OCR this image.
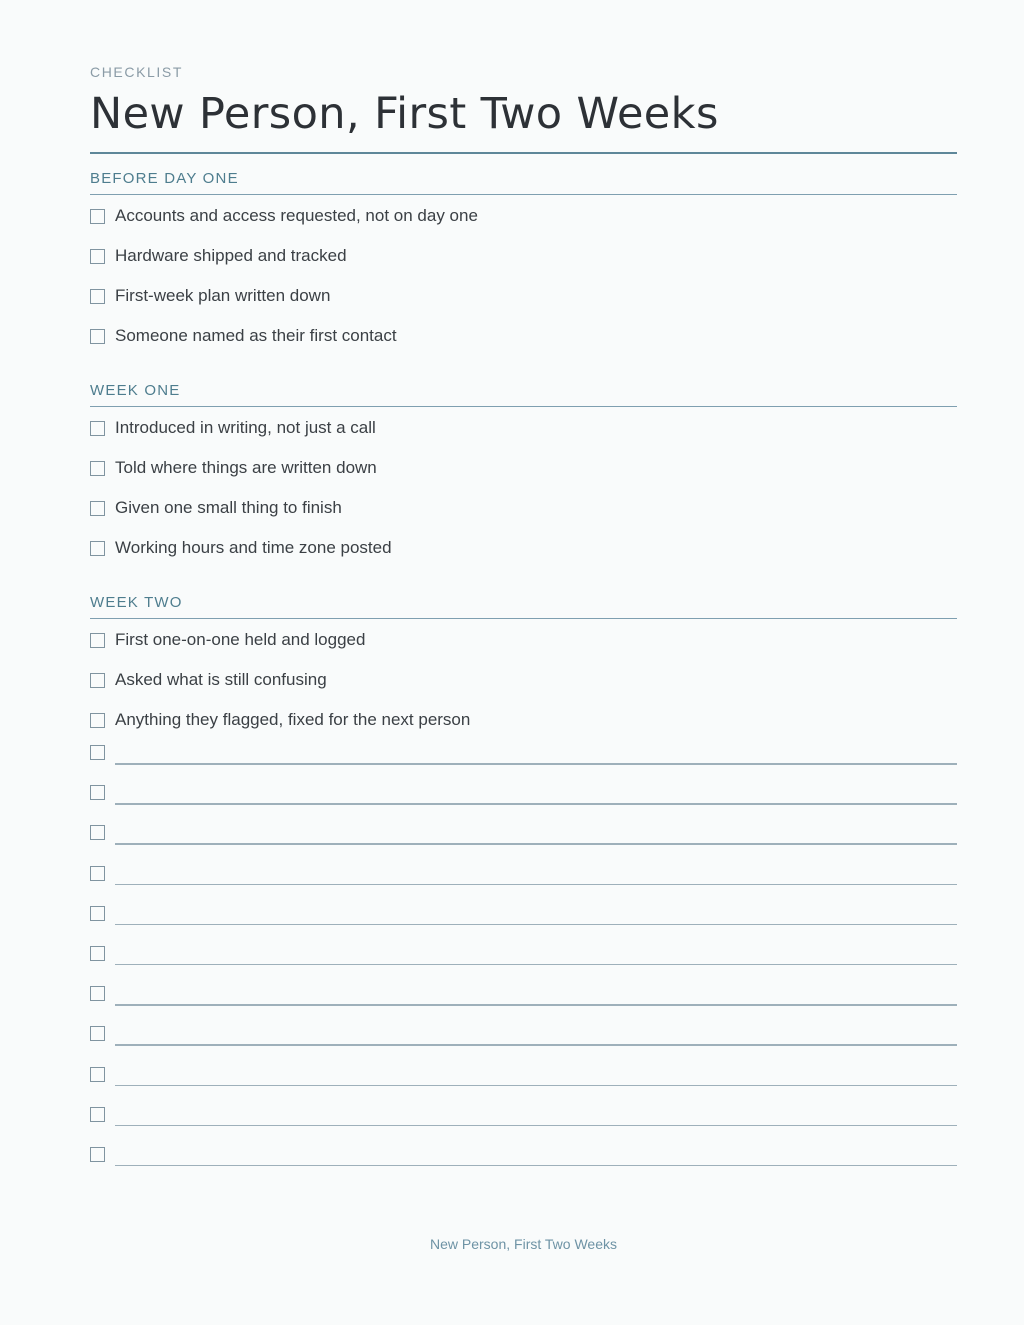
CHECKLIST
New Person, First Two Weeks
BEFORE DAY ONE
Accounts and access requested, not on day one
Hardware shipped and tracked
First-week plan written down
Someone named as their first contact
WEEK ONE
Introduced in writing, not just a call
Told where things are written down
Given one small thing to finish
Working hours and time zone posted
WEEK TWO
First one-on-one held and logged
Asked what is still confusing
Anything they flagged, fixed for the next person
New Person, First Two Weeks
